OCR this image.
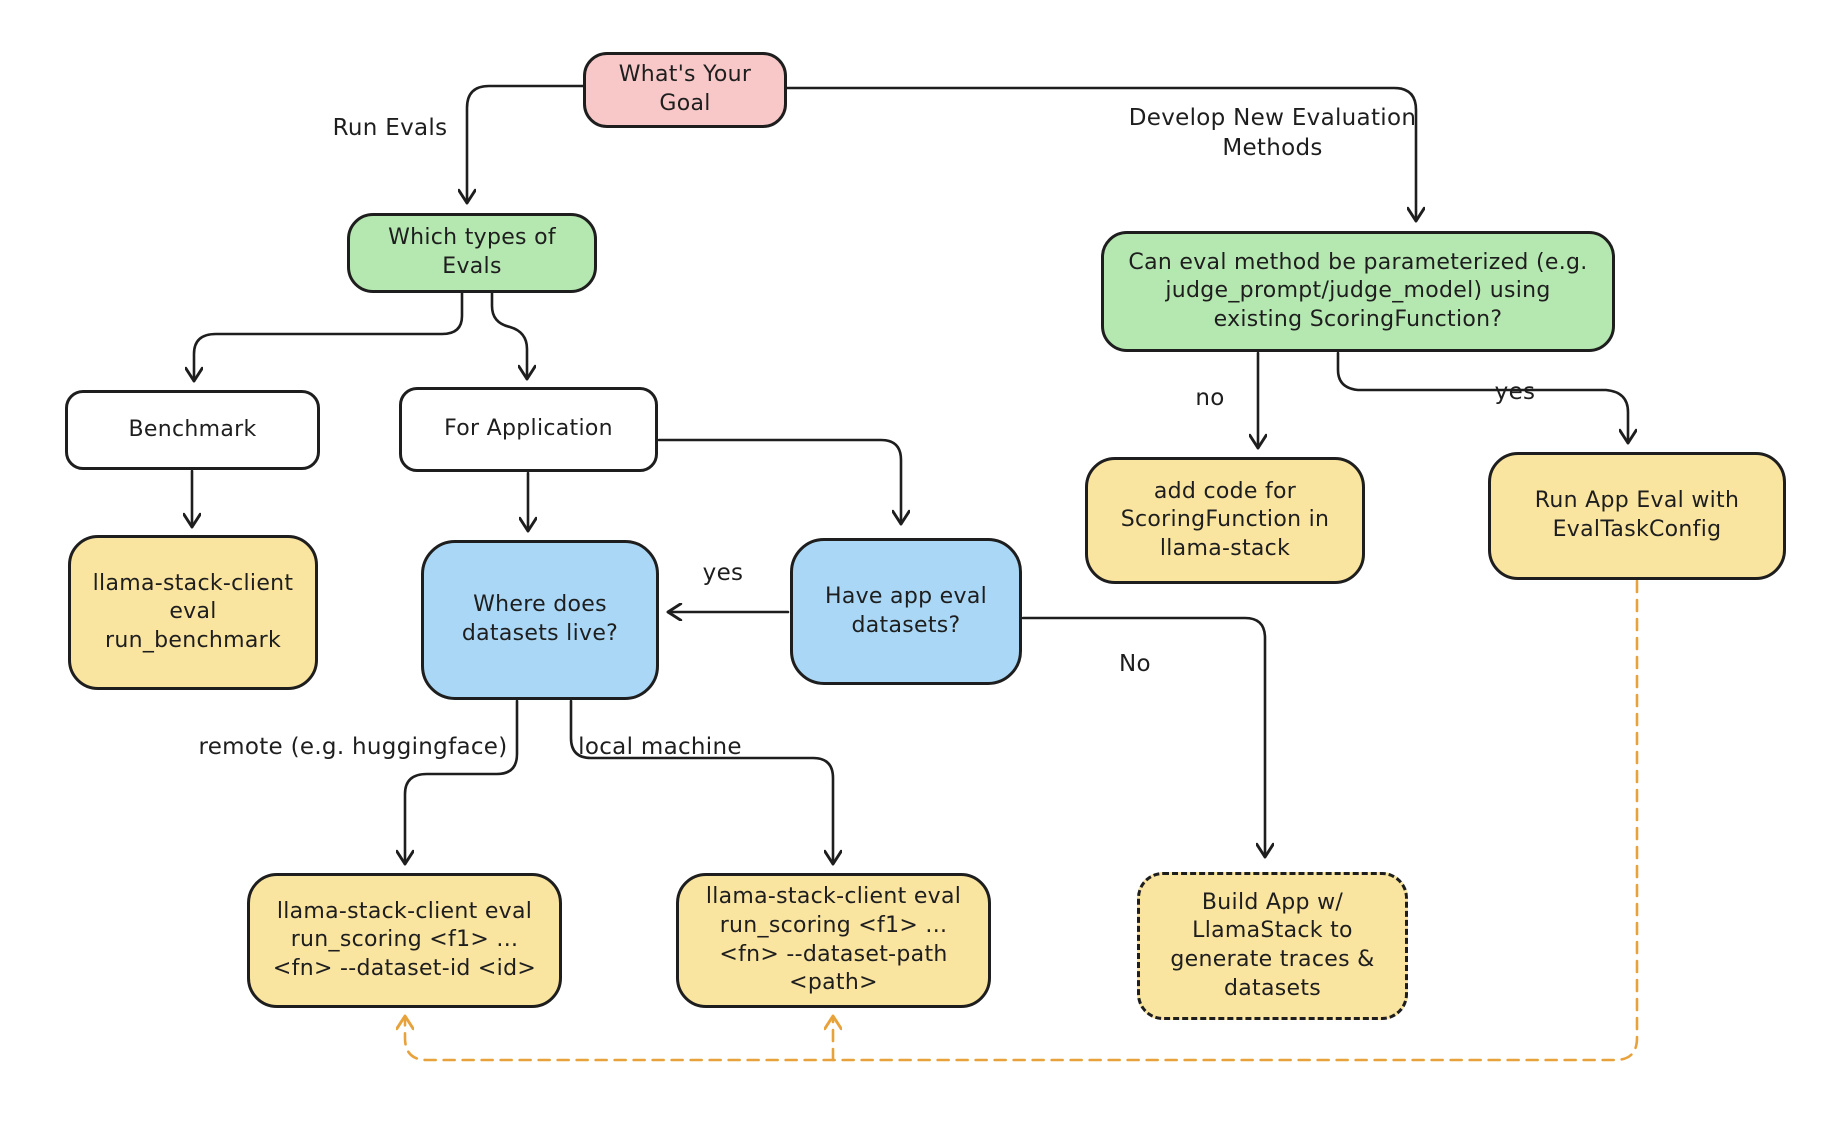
What's Your Goal
Which types of Evals
Benchmark	For Application
llama-stack-client eval run_benchmark
Where does datasets live?
Have app eval datasets?
Can eval method be parameterized (e.g. judge_prompt/judge_model) using existing ScoringFunction?
add code for ScoringFunction in llama-stack
Run App Eval with EvalTaskConfig
llama-stack-client eval run_scoring <f1> ... <fn> --dataset-id <id>
llama-stack-client eval run_scoring <f1> ... <fn> --dataset-path <path>
Build App w/ LlamaStack to generate traces & datasets
Run Evals	Develop New Evaluation Methods
no	yes
yes
No
remote (e.g. huggingface)	local machine
